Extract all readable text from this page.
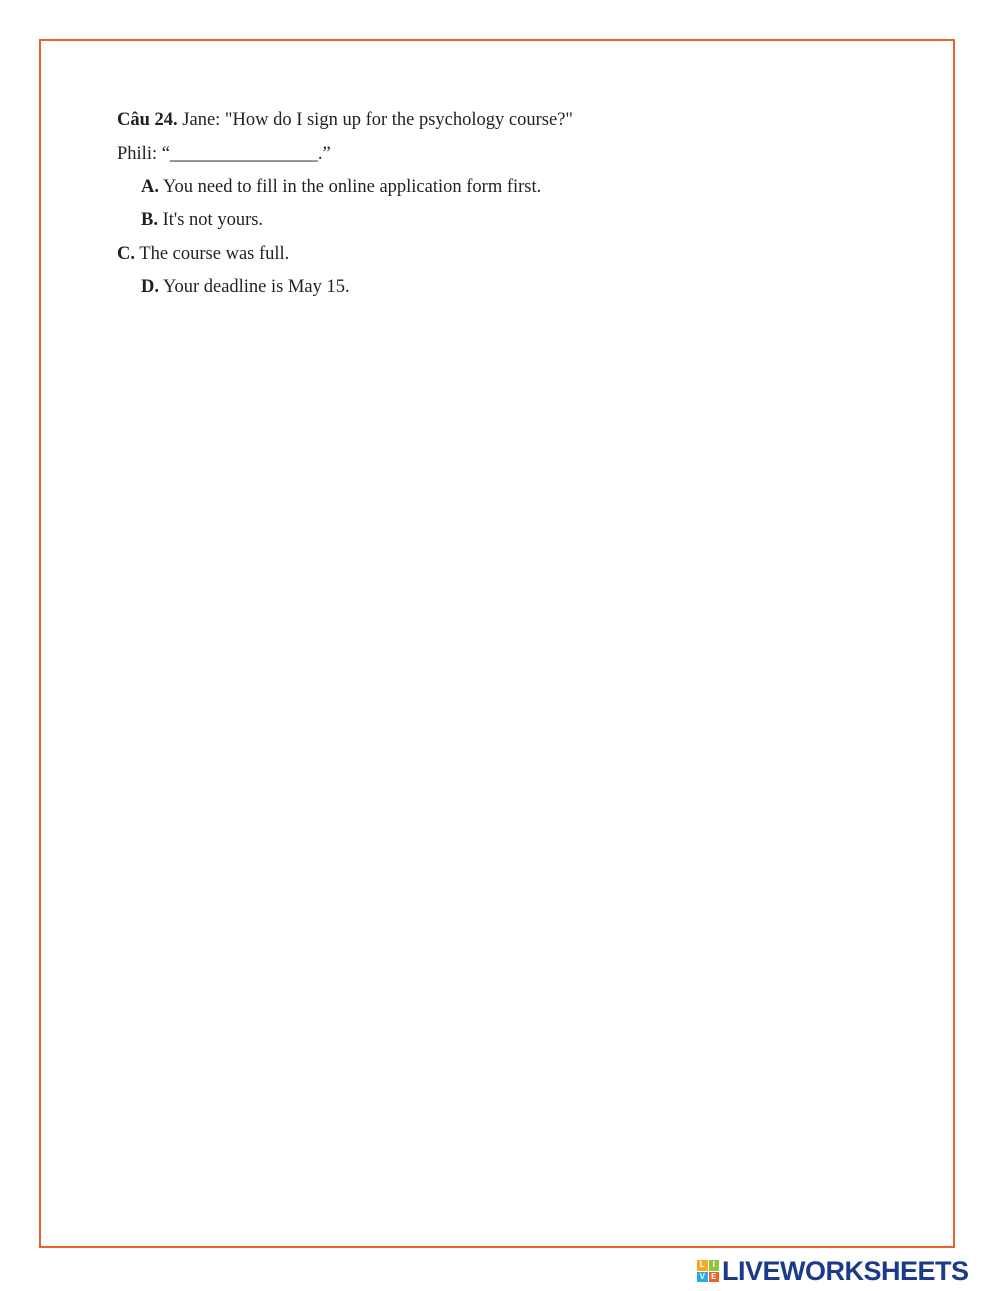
Câu 24. Jane: "How do I sign up for the psychology course?"
Phili: “________________.”
A. You need to fill in the online application form first.
B. It's not yours.
C. The course was full.
D. Your deadline is May 15.
L I
V E LIVEWORKSHEETS
